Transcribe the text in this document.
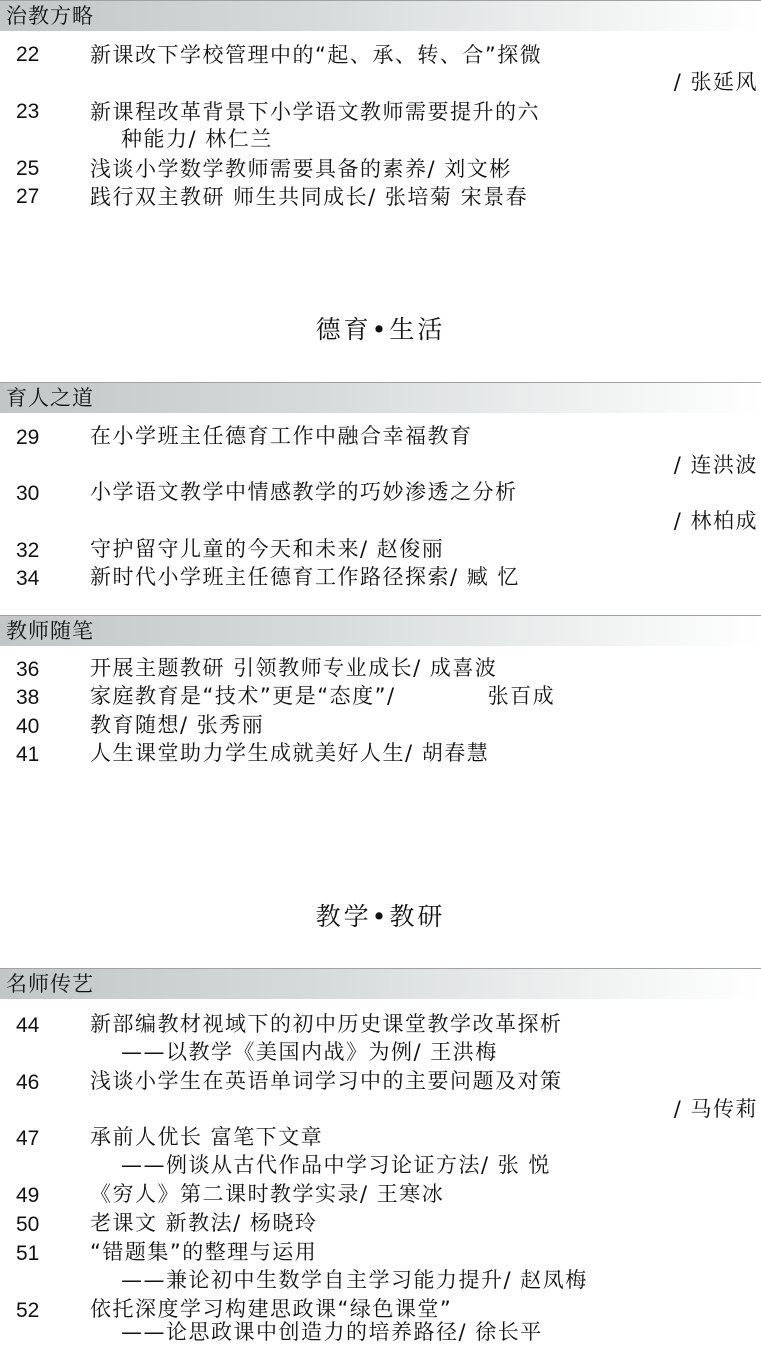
治教方略
22	新课改下学校管理中的“起、承、转、合”探微
/ 张延风
23	新课程改革背景下小学语文教师需要提升的六
种能力/ 林仁兰
25	浅谈小学数学教师需要具备的素养/ 刘文彬
27	践行双主教研 师生共同成长/ 张培菊 宋景春
德育•生活
育人之道
29	在小学班主任德育工作中融合幸福教育
/ 连洪波
30	小学语文教学中情感教学的巧妙渗透之分析
/ 林柏成
32	守护留守儿童的今天和未来/ 赵俊丽
34	新时代小学班主任德育工作路径探索/ 臧 忆
教师随笔
36	开展主题教研 引领教师专业成长/ 成喜波
38	家庭教育是“技术”更是“态度”/	张百成
40	教育随想/ 张秀丽
41	人生课堂助力学生成就美好人生/ 胡春慧
教学•教研
名师传艺
44	新部编教材视域下的初中历史课堂教学改革探析
——以教学《美国内战》为例/ 王洪梅
46	浅谈小学生在英语单词学习中的主要问题及对策
/ 马传莉
47	承前人优长 富笔下文章
——例谈从古代作品中学习论证方法/ 张 悦
49	《穷人》第二课时教学实录/ 王寒冰
50	老课文 新教法/ 杨晓玲
51	“错题集”的整理与运用
——兼论初中生数学自主学习能力提升/ 赵凤梅
52	依托深度学习构建思政课“绿色课堂”
——论思政课中创造力的培养路径/ 徐长平
